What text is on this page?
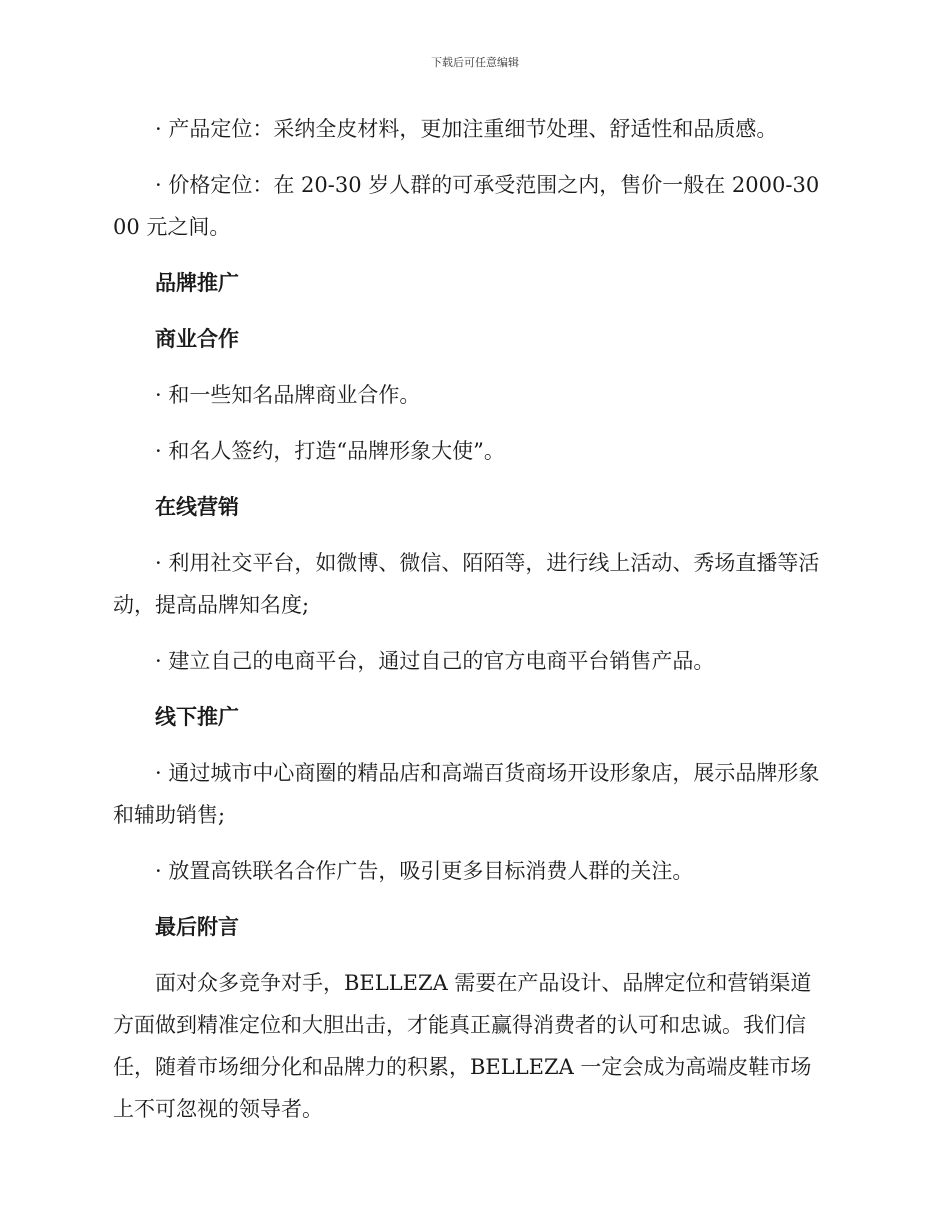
下载后可任意编辑

· 产品定位：采纳全皮材料，更加注重细节处理、舒适性和品质感。

· 价格定位：在 20-30 岁人群的可承受范围之内，售价一般在 2000-3000 元之间。

品牌推广

商业合作

· 和一些知名品牌商业合作。

· 和名人签约，打造“品牌形象大使”。

在线营销

· 利用社交平台，如微博、微信、陌陌等，进行线上活动、秀场直播等活动，提高品牌知名度;

· 建立自己的电商平台，通过自己的官方电商平台销售产品。

线下推广

· 通过城市中心商圈的精品店和高端百货商场开设形象店，展示品牌形象和辅助销售;

· 放置高铁联名合作广告，吸引更多目标消费人群的关注。

最后附言

面对众多竞争对手，BELLEZA 需要在产品设计、品牌定位和营销渠道方面做到精准定位和大胆出击，才能真正赢得消费者的认可和忠诚。我们信任，随着市场细分化和品牌力的积累，BELLEZA 一定会成为高端皮鞋市场上不可忽视的领导者。
